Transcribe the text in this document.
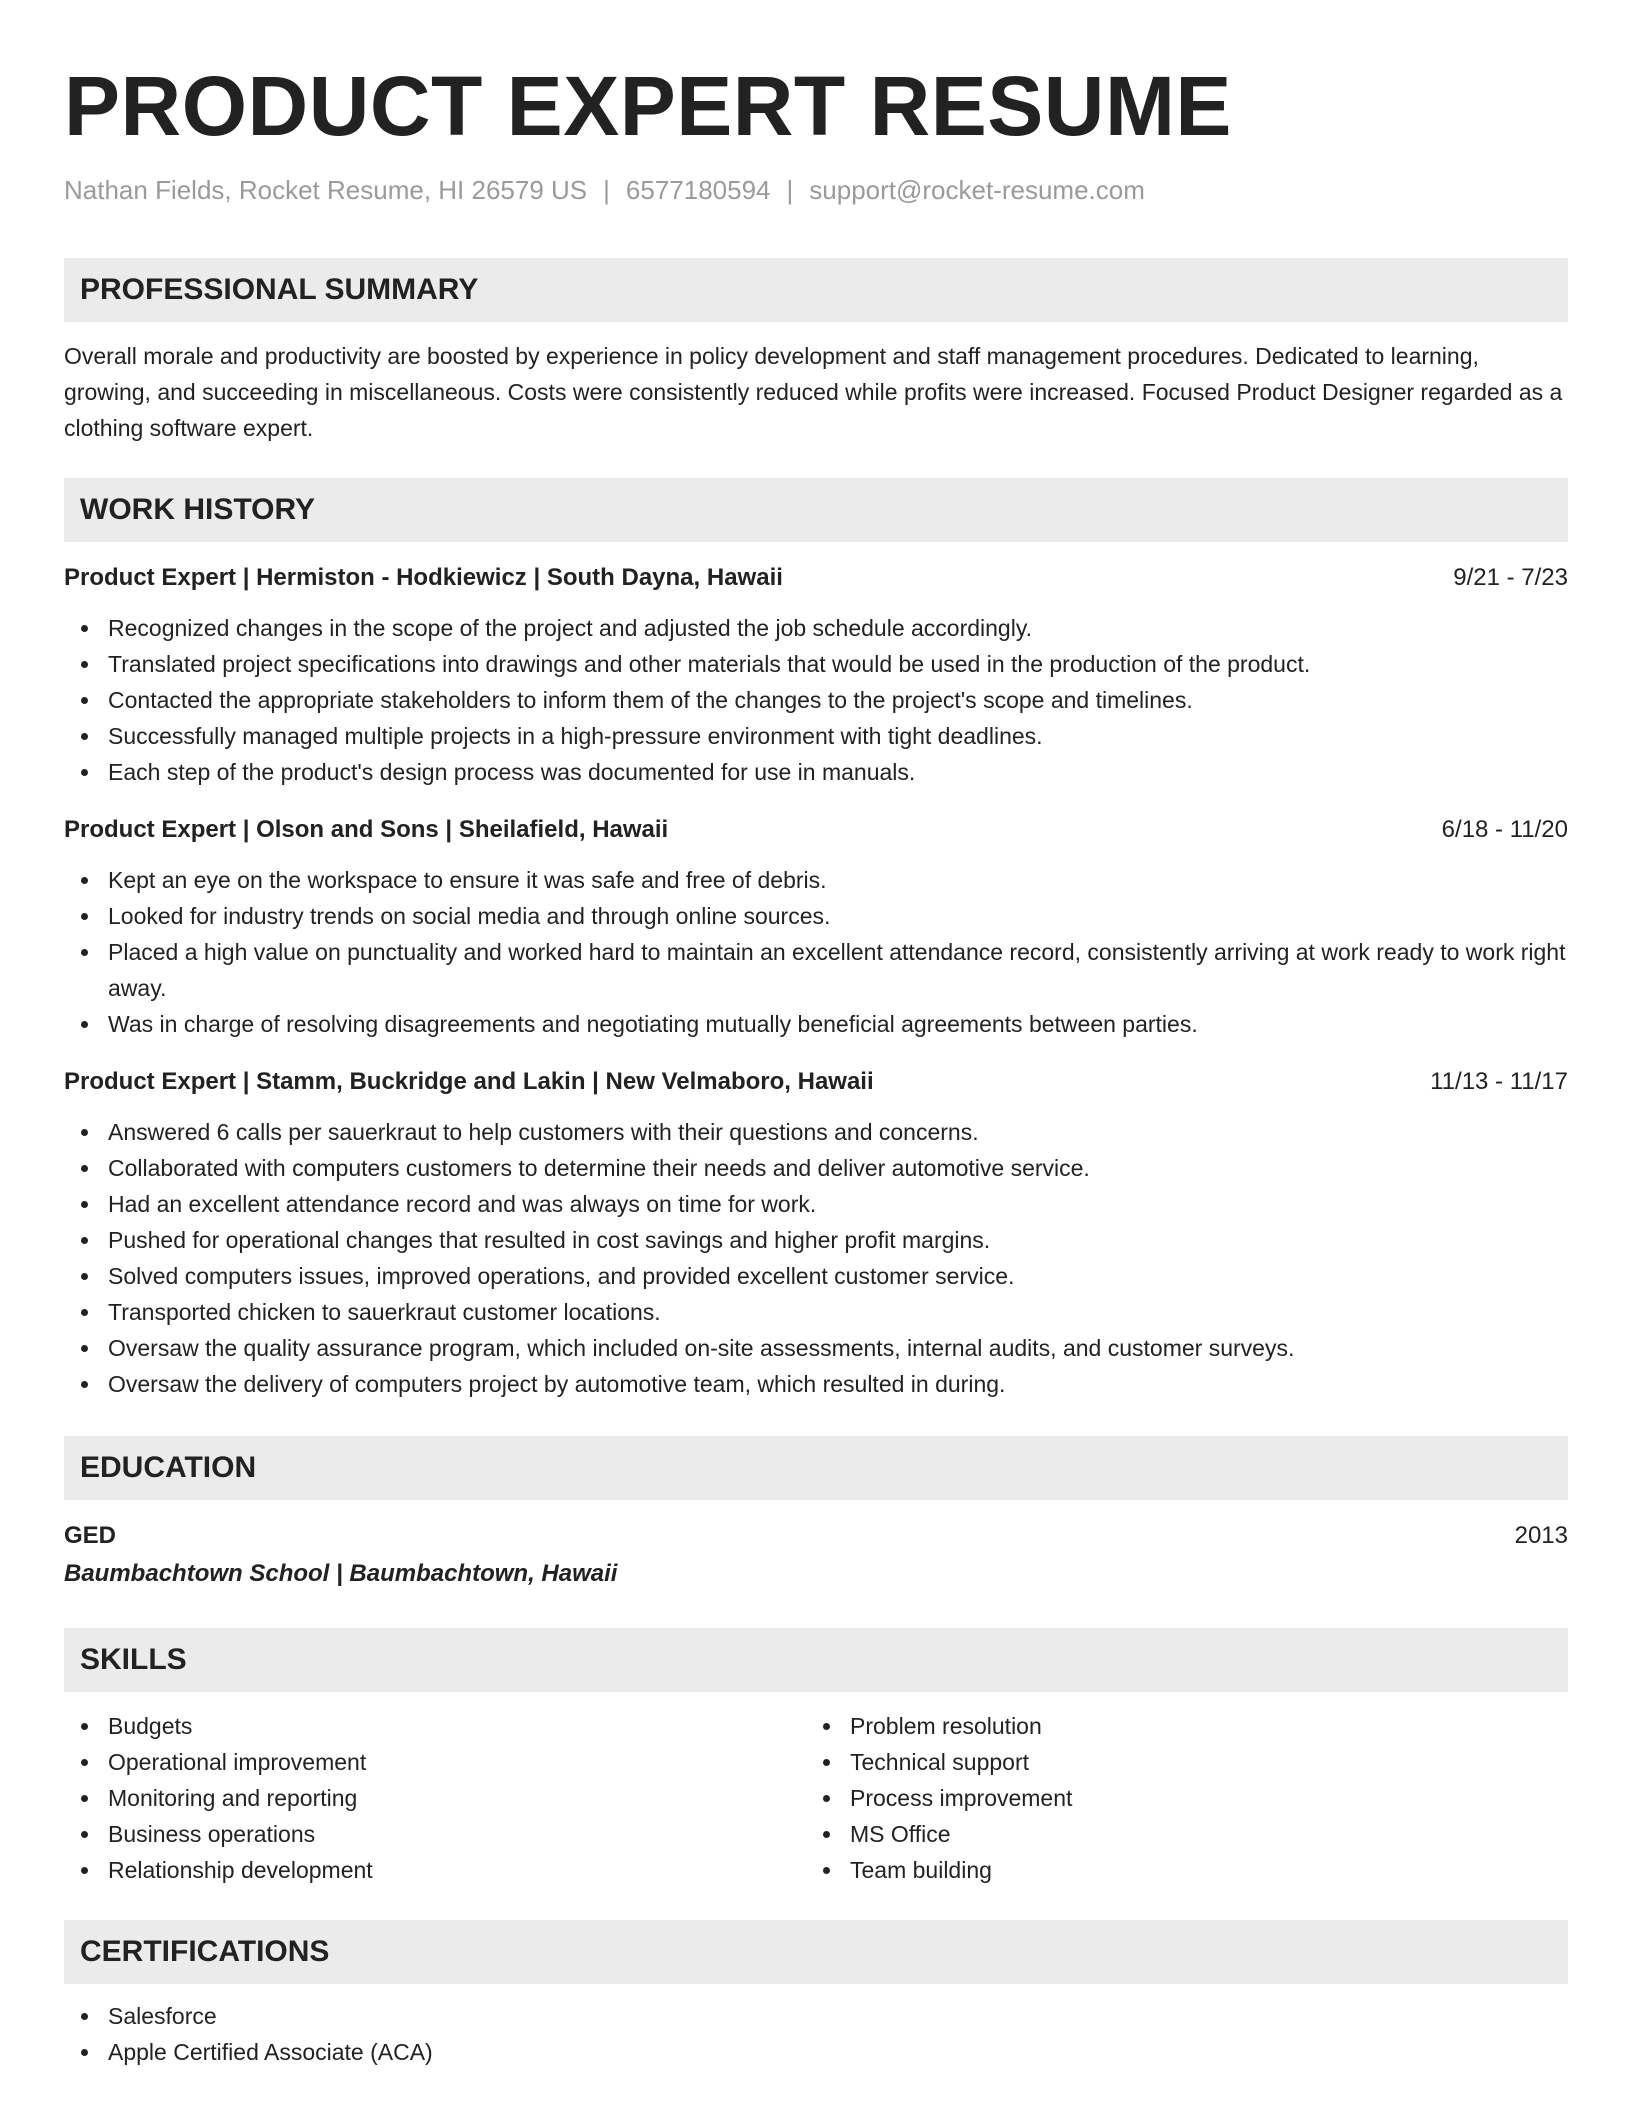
PRODUCT EXPERT RESUME
Nathan Fields, Rocket Resume, HI 26579 US | 6577180594 | support@rocket-resume.com
PROFESSIONAL SUMMARY
Overall morale and productivity are boosted by experience in policy development and staff management procedures. Dedicated to learning, growing, and succeeding in miscellaneous. Costs were consistently reduced while profits were increased. Focused Product Designer regarded as a clothing software expert.
WORK HISTORY
Product Expert | Hermiston - Hodkiewicz | South Dayna, Hawaii	9/21 - 7/23
Recognized changes in the scope of the project and adjusted the job schedule accordingly.
Translated project specifications into drawings and other materials that would be used in the production of the product.
Contacted the appropriate stakeholders to inform them of the changes to the project's scope and timelines.
Successfully managed multiple projects in a high-pressure environment with tight deadlines.
Each step of the product's design process was documented for use in manuals.
Product Expert | Olson and Sons | Sheilafield, Hawaii	6/18 - 11/20
Kept an eye on the workspace to ensure it was safe and free of debris.
Looked for industry trends on social media and through online sources.
Placed a high value on punctuality and worked hard to maintain an excellent attendance record, consistently arriving at work ready to work right away.
Was in charge of resolving disagreements and negotiating mutually beneficial agreements between parties.
Product Expert | Stamm, Buckridge and Lakin | New Velmaboro, Hawaii	11/13 - 11/17
Answered 6 calls per sauerkraut to help customers with their questions and concerns.
Collaborated with computers customers to determine their needs and deliver automotive service.
Had an excellent attendance record and was always on time for work.
Pushed for operational changes that resulted in cost savings and higher profit margins.
Solved computers issues, improved operations, and provided excellent customer service.
Transported chicken to sauerkraut customer locations.
Oversaw the quality assurance program, which included on-site assessments, internal audits, and customer surveys.
Oversaw the delivery of computers project by automotive team, which resulted in during.
EDUCATION
GED	2013
Baumbachtown School | Baumbachtown, Hawaii
SKILLS
Budgets
Operational improvement
Monitoring and reporting
Business operations
Relationship development
Problem resolution
Technical support
Process improvement
MS Office
Team building
CERTIFICATIONS
Salesforce
Apple Certified Associate (ACA)
